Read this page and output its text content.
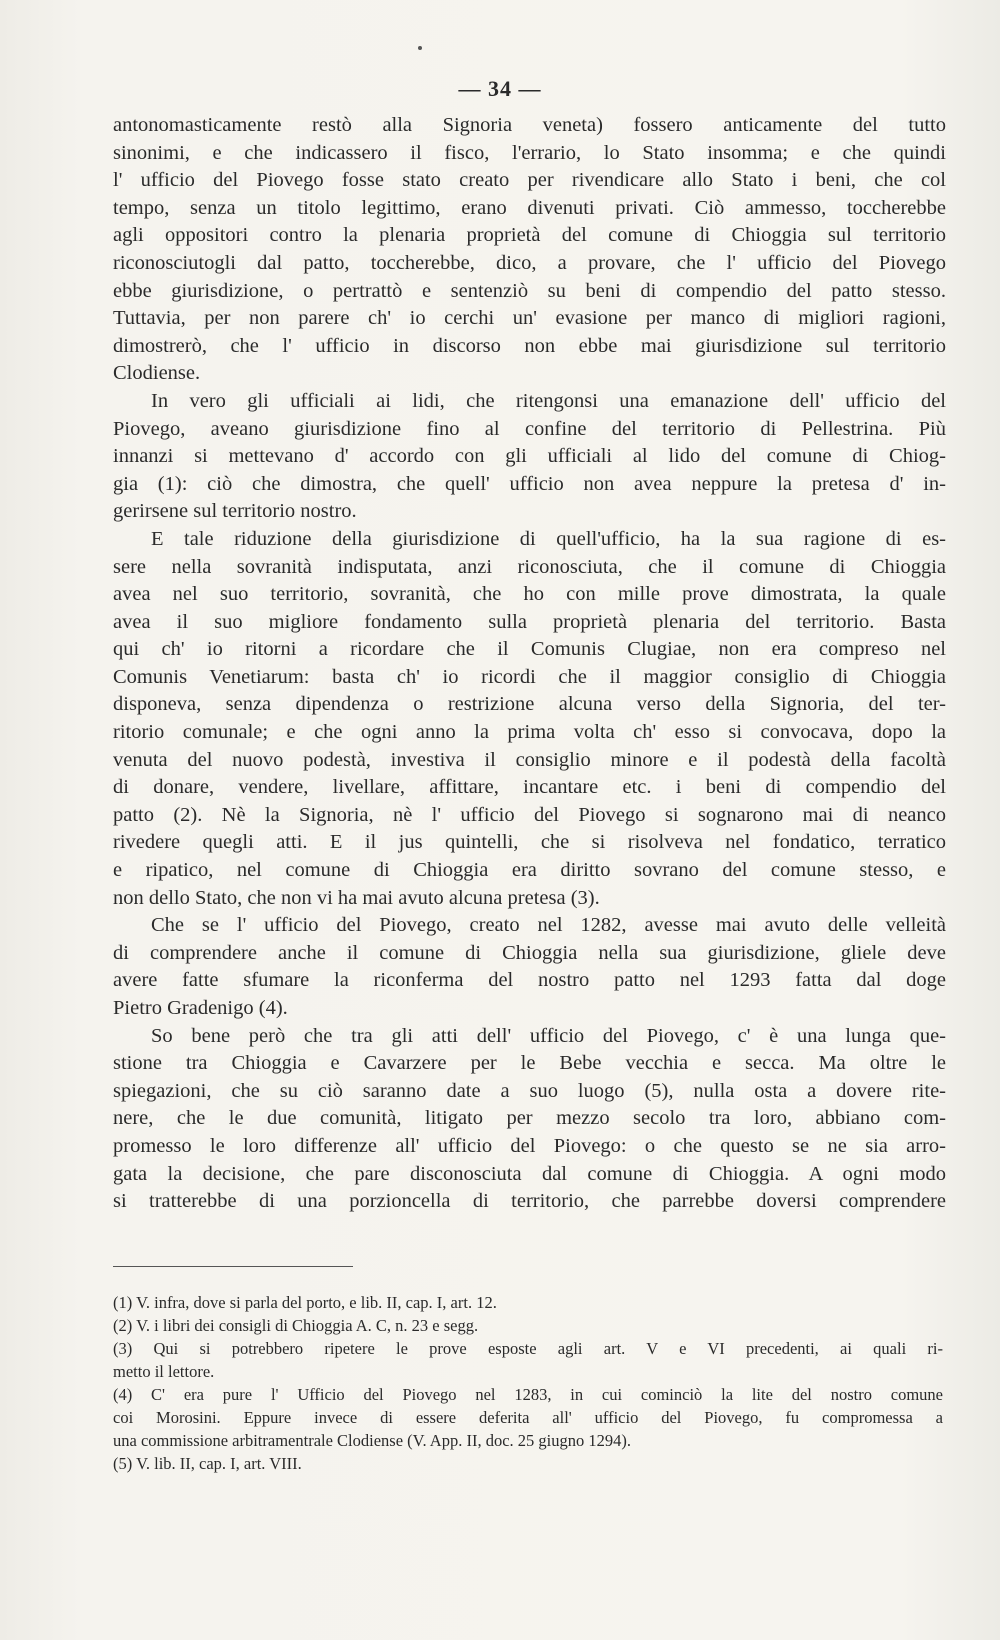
— 34 —
antonomasticamente restò alla Signoria veneta) fossero anticamente del tutto
sinonimi, e che indicassero il fisco, l'errario, lo Stato insomma; e che quindi
l' ufficio del Piovego fosse stato creato per rivendicare allo Stato i beni, che col
tempo, senza un titolo legittimo, erano divenuti privati. Ciò ammesso, toccherebbe
agli oppositori contro la plenaria proprietà del comune di Chioggia sul territorio
riconosciutogli dal patto, toccherebbe, dico, a provare, che l' ufficio del Piovego
ebbe giurisdizione, o pertrattò e sentenziò su beni di compendio del patto stesso.
Tuttavia, per non parere ch' io cerchi un' evasione per manco di migliori ragioni,
dimostrerò, che l' ufficio in discorso non ebbe mai giurisdizione sul territorio
Clodiense.
In vero gli ufficiali ai lidi, che ritengonsi una emanazione dell' ufficio del
Piovego, aveano giurisdizione fino al confine del territorio di Pellestrina. Più
innanzi si mettevano d' accordo con gli ufficiali al lido del comune di Chiog-
gia (1): ciò che dimostra, che quell' ufficio non avea neppure la pretesa d' in-
gerirsene sul territorio nostro.
E tale riduzione della giurisdizione di quell'ufficio, ha la sua ragione di es-
sere nella sovranità indisputata, anzi riconosciuta, che il comune di Chioggia
avea nel suo territorio, sovranità, che ho con mille prove dimostrata, la quale
avea il suo migliore fondamento sulla proprietà plenaria del territorio. Basta
qui ch' io ritorni a ricordare che il Comunis Clugiae, non era compreso nel
Comunis Venetiarum: basta ch' io ricordi che il maggior consiglio di Chioggia
disponeva, senza dipendenza o restrizione alcuna verso della Signoria, del ter-
ritorio comunale; e che ogni anno la prima volta ch' esso si convocava, dopo la
venuta del nuovo podestà, investiva il consiglio minore e il podestà della facoltà
di donare, vendere, livellare, affittare, incantare etc. i beni di compendio del
patto (2). Nè la Signoria, nè l' ufficio del Piovego si sognarono mai di neanco
rivedere quegli atti. E il jus quintelli, che si risolveva nel fondatico, terratico
e ripatico, nel comune di Chioggia era diritto sovrano del comune stesso, e
non dello Stato, che non vi ha mai avuto alcuna pretesa (3).
Che se l' ufficio del Piovego, creato nel 1282, avesse mai avuto delle velleità
di comprendere anche il comune di Chioggia nella sua giurisdizione, gliele deve
avere fatte sfumare la riconferma del nostro patto nel 1293 fatta dal doge
Pietro Gradenigo (4).
So bene però che tra gli atti dell' ufficio del Piovego, c' è una lunga que-
stione tra Chioggia e Cavarzere per le Bebe vecchia e secca. Ma oltre le
spiegazioni, che su ciò saranno date a suo luogo (5), nulla osta a dovere rite-
nere, che le due comunità, litigato per mezzo secolo tra loro, abbiano com-
promesso le loro differenze all' ufficio del Piovego: o che questo se ne sia arro-
gata la decisione, che pare disconosciuta dal comune di Chioggia. A ogni modo
si tratterebbe di una porzioncella di territorio, che parrebbe doversi comprendere
(1) V. infra, dove si parla del porto, e lib. II, cap. I, art. 12.
(2) V. i libri dei consigli di Chioggia A. C, n. 23 e segg.
(3) Qui si potrebbero ripetere le prove esposte agli art. V e VI precedenti, ai quali ri-
metto il lettore.
(4) C' era pure l' Ufficio del Piovego nel 1283, in cui cominciò la lite del nostro comune
coi Morosini. Eppure invece di essere deferita all' ufficio del Piovego, fu compromessa a
una commissione arbitramentrale Clodiense (V. App. II, doc. 25 giugno 1294).
(5) V. lib. II, cap. I, art. VIII.
